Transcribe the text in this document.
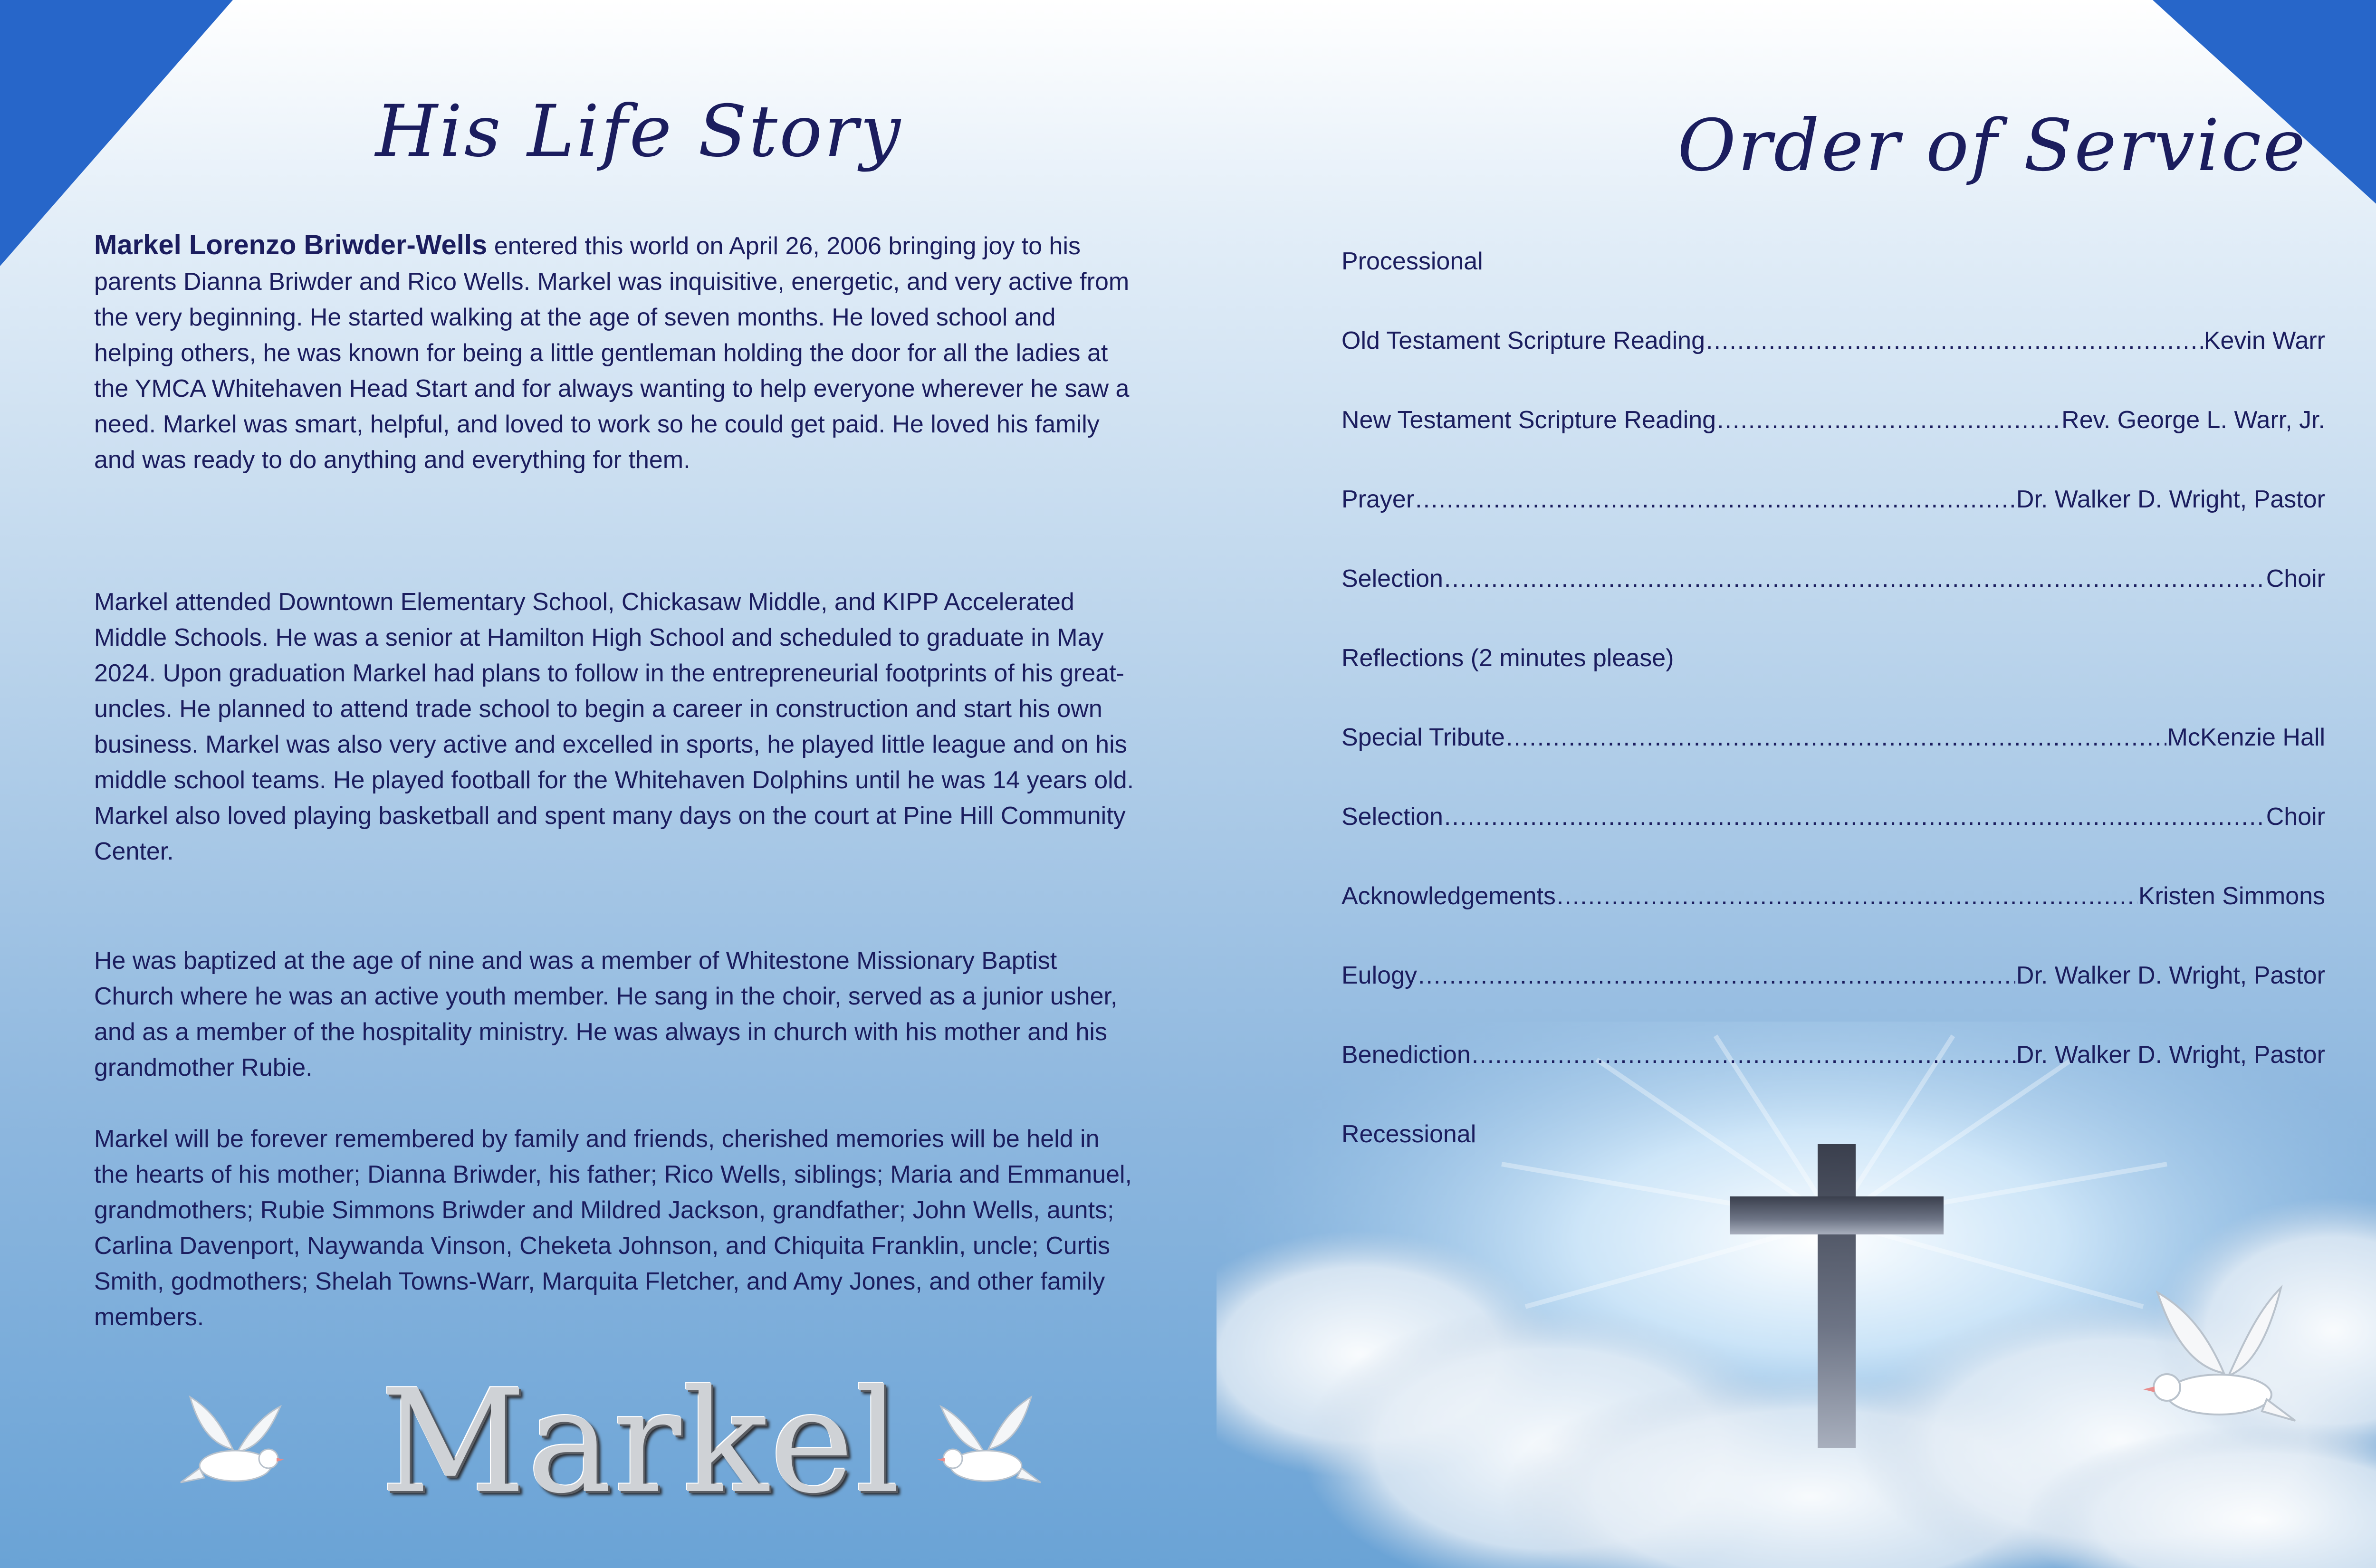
His Life Story

Markel Lorenzo Briwder-Wells entered this world on April 26, 2006 bringing joy to his parents Dianna Briwder and Rico Wells. Markel was inquisitive, energetic, and very active from the very beginning. He started walking at the age of seven months. He loved school and helping others, he was known for being a little gentleman holding the door for all the ladies at the YMCA Whitehaven Head Start and for always wanting to help everyone wherever he saw a need. Markel was smart, helpful, and loved to work so he could get paid. He loved his family and was ready to do anything and everything for them.

Markel attended Downtown Elementary School, Chickasaw Middle, and KIPP Accelerated Middle Schools. He was a senior at Hamilton High School and scheduled to graduate in May 2024. Upon graduation Markel had plans to follow in the entrepreneurial footprints of his great-uncles. He planned to attend trade school to begin a career in construction and start his own business. Markel was also very active and excelled in sports, he played little league and on his middle school teams. He played football for the Whitehaven Dolphins until he was 14 years old. Markel also loved playing basketball and spent many days on the court at Pine Hill Community Center.

He was baptized at the age of nine and was a member of Whitestone Missionary Baptist Church where he was an active youth member. He sang in the choir, served as a junior usher, and as a member of the hospitality ministry. He was always in church with his mother and his grandmother Rubie.

Markel will be forever remembered by family and friends, cherished memories will be held in the hearts of his mother; Dianna Briwder, his father; Rico Wells, siblings; Maria and Emmanuel, grandmothers; Rubie Simmons Briwder and Mildred Jackson, grandfather; John Wells, aunts; Carlina Davenport, Naywanda Vinson, Cheketa Johnson, and Chiquita Franklin, uncle; Curtis Smith, godmothers; Shelah Towns-Warr, Marquita Fletcher, and Amy Jones, and other family members.

Markel
Order of Service
Processional
Old Testament Scripture Reading .....	Kevin Warr
New Testament Scripture Reading .....	Rev. George L. Warr, Jr.
Prayer .....	Dr. Walker D. Wright, Pastor
Selection .....	Choir
Reflections (2 minutes please)
Special Tribute .....	McKenzie Hall
Selection .....	Choir
Acknowledgements .....	Kristen Simmons
Eulogy .....	Dr. Walker D. Wright, Pastor
Benediction .....	Dr. Walker D. Wright, Pastor
Recessional
